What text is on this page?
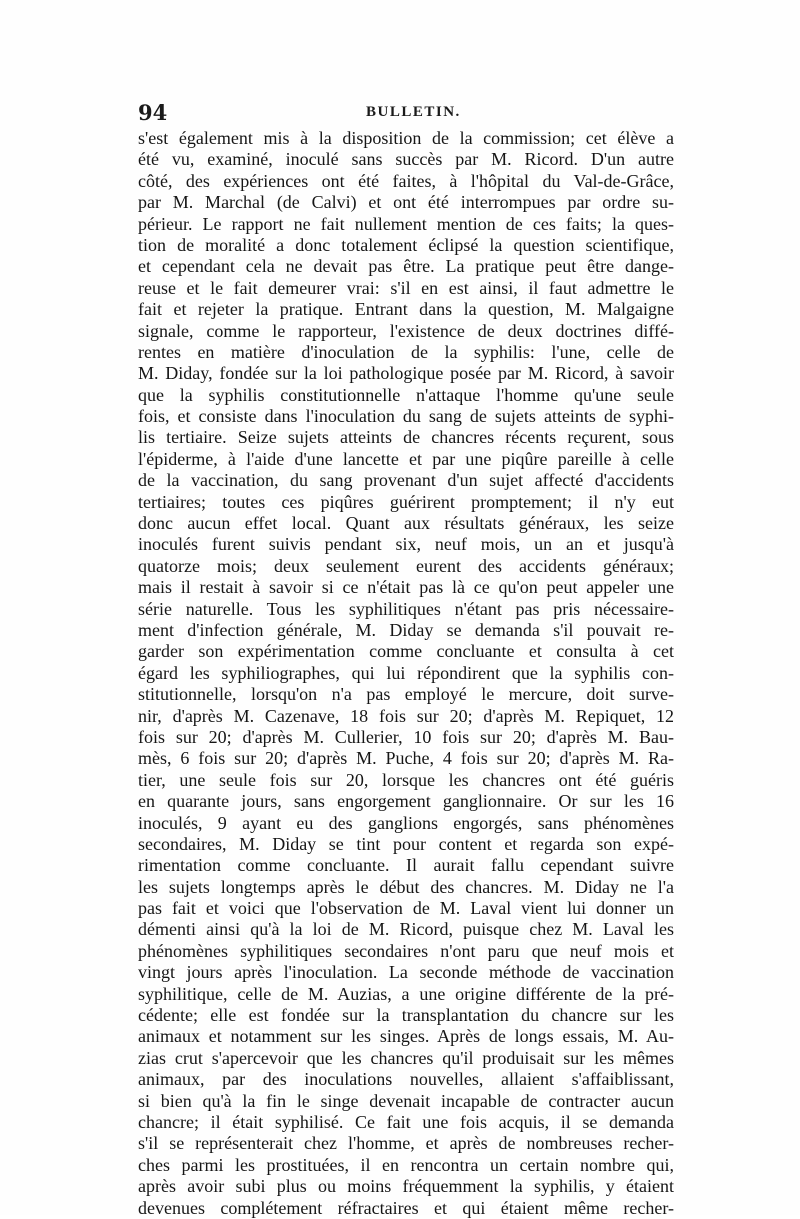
94	BULLETIN.
s'est également mis à la disposition de la commission; cet élève a
été vu, examiné, inoculé sans succès par M. Ricord. D'un autre
côté, des expériences ont été faites, à l'hôpital du Val-de-Grâce,
par M. Marchal (de Calvi) et ont été interrompues par ordre su-
périeur. Le rapport ne fait nullement mention de ces faits; la ques-
tion de moralité a donc totalement éclipsé la question scientifique,
et cependant cela ne devait pas être. La pratique peut être dange-
reuse et le fait demeurer vrai: s'il en est ainsi, il faut admettre le
fait et rejeter la pratique. Entrant dans la question, M. Malgaigne
signale, comme le rapporteur, l'existence de deux doctrines diffé-
rentes en matière d'inoculation de la syphilis: l'une, celle de
M. Diday, fondée sur la loi pathologique posée par M. Ricord, à savoir
que la syphilis constitutionnelle n'attaque l'homme qu'une seule
fois, et consiste dans l'inoculation du sang de sujets atteints de syphi-
lis tertiaire. Seize sujets atteints de chancres récents reçurent, sous
l'épiderme, à l'aide d'une lancette et par une piqûre pareille à celle
de la vaccination, du sang provenant d'un sujet affecté d'accidents
tertiaires; toutes ces piqûres guérirent promptement; il n'y eut
donc aucun effet local. Quant aux résultats généraux, les seize
inoculés furent suivis pendant six, neuf mois, un an et jusqu'à
quatorze mois; deux seulement eurent des accidents généraux;
mais il restait à savoir si ce n'était pas là ce qu'on peut appeler une
série naturelle. Tous les syphilitiques n'étant pas pris nécessaire-
ment d'infection générale, M. Diday se demanda s'il pouvait re-
garder son expérimentation comme concluante et consulta à cet
égard les syphiliographes, qui lui répondirent que la syphilis con-
stitutionnelle, lorsqu'on n'a pas employé le mercure, doit surve-
nir, d'après M. Cazenave, 18 fois sur 20; d'après M. Repiquet, 12
fois sur 20; d'après M. Cullerier, 10 fois sur 20; d'après M. Bau-
mès, 6 fois sur 20; d'après M. Puche, 4 fois sur 20; d'après M. Ra-
tier, une seule fois sur 20, lorsque les chancres ont été guéris
en quarante jours, sans engorgement ganglionnaire. Or sur les 16
inoculés, 9 ayant eu des ganglions engorgés, sans phénomènes
secondaires, M. Diday se tint pour content et regarda son expé-
rimentation comme concluante. Il aurait fallu cependant suivre
les sujets longtemps après le début des chancres. M. Diday ne l'a
pas fait et voici que l'observation de M. Laval vient lui donner un
démenti ainsi qu'à la loi de M. Ricord, puisque chez M. Laval les
phénomènes syphilitiques secondaires n'ont paru que neuf mois et
vingt jours après l'inoculation. La seconde méthode de vaccination
syphilitique, celle de M. Auzias, a une origine différente de la pré-
cédente; elle est fondée sur la transplantation du chancre sur les
animaux et notamment sur les singes. Après de longs essais, M. Au-
zias crut s'apercevoir que les chancres qu'il produisait sur les mêmes
animaux, par des inoculations nouvelles, allaient s'affaiblissant,
si bien qu'à la fin le singe devenait incapable de contracter aucun
chancre; il était syphilisé. Ce fait une fois acquis, il se demanda
s'il se représenterait chez l'homme, et après de nombreuses recher-
ches parmi les prostituées, il en rencontra un certain nombre qui,
après avoir subi plus ou moins fréquemment la syphilis, y étaient
devenues complétement réfractaires et qui étaient même recher-
